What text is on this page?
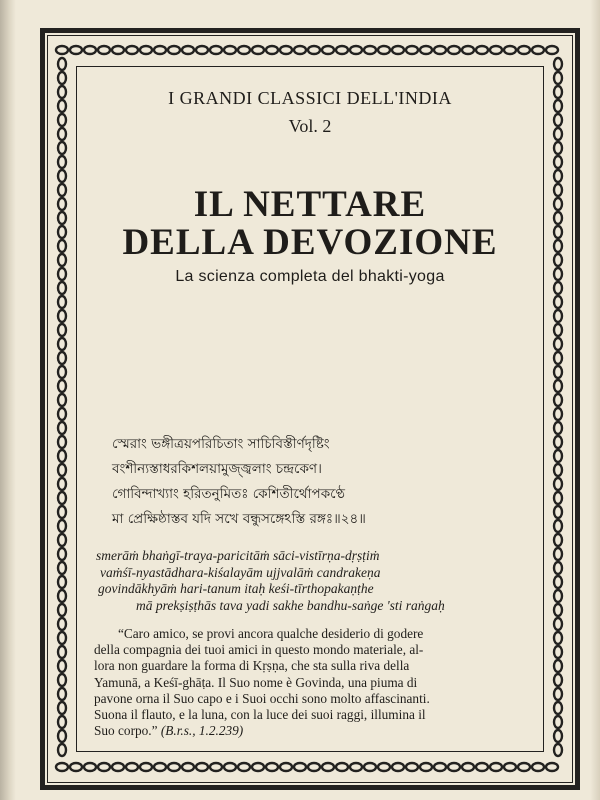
I GRANDI CLASSICI DELL'INDIA
Vol. 2
IL NETTARE
DELLA DEVOZIONE
La scienza completa del bhakti-yoga
স্মেরাং ভঙ্গীত্রয়পরিচিতাং সাচিবিস্তীর্ণদৃষ্টিং
বংশীন্যস্তাধরকিশলয়ামুজ্জ্বলাং চন্দ্রকেণ।
গোবিন্দাখ্যাং হরিতনুমিতঃ কেশিতীর্থোপকণ্ঠে
মা প্রেক্ষিষ্ঠাস্তব যদি সখে বন্ধুসঙ্গেঽস্তি রঙ্গঃ॥২৪॥
smerāṁ bhaṅgī-traya-paricitāṁ sāci-vistīrṇa-dṛṣṭiṁ
vaṁśī-nyastādhara-kiśalayām ujjvalāṁ candrakeṇa
govindākhyāṁ hari-tanum itaḥ keśi-tīrthopakaṇṭhe
mā prekṣiṣṭhās tava yadi sakhe bandhu-saṅge 'sti raṅgaḥ
“Caro amico, se provi ancora qualche desiderio di godere
della compagnia dei tuoi amici in questo mondo materiale, al-
lora non guardare la forma di Kṛṣṇa, che sta sulla riva della
Yamunā, a Keśī-ghāṭa. Il Suo nome è Govinda, una piuma di
pavone orna il Suo capo e i Suoi occhi sono molto affascinanti.
Suona il flauto, e la luna, con la luce dei suoi raggi, illumina il
Suo corpo.” (B.r.s., 1.2.239)
